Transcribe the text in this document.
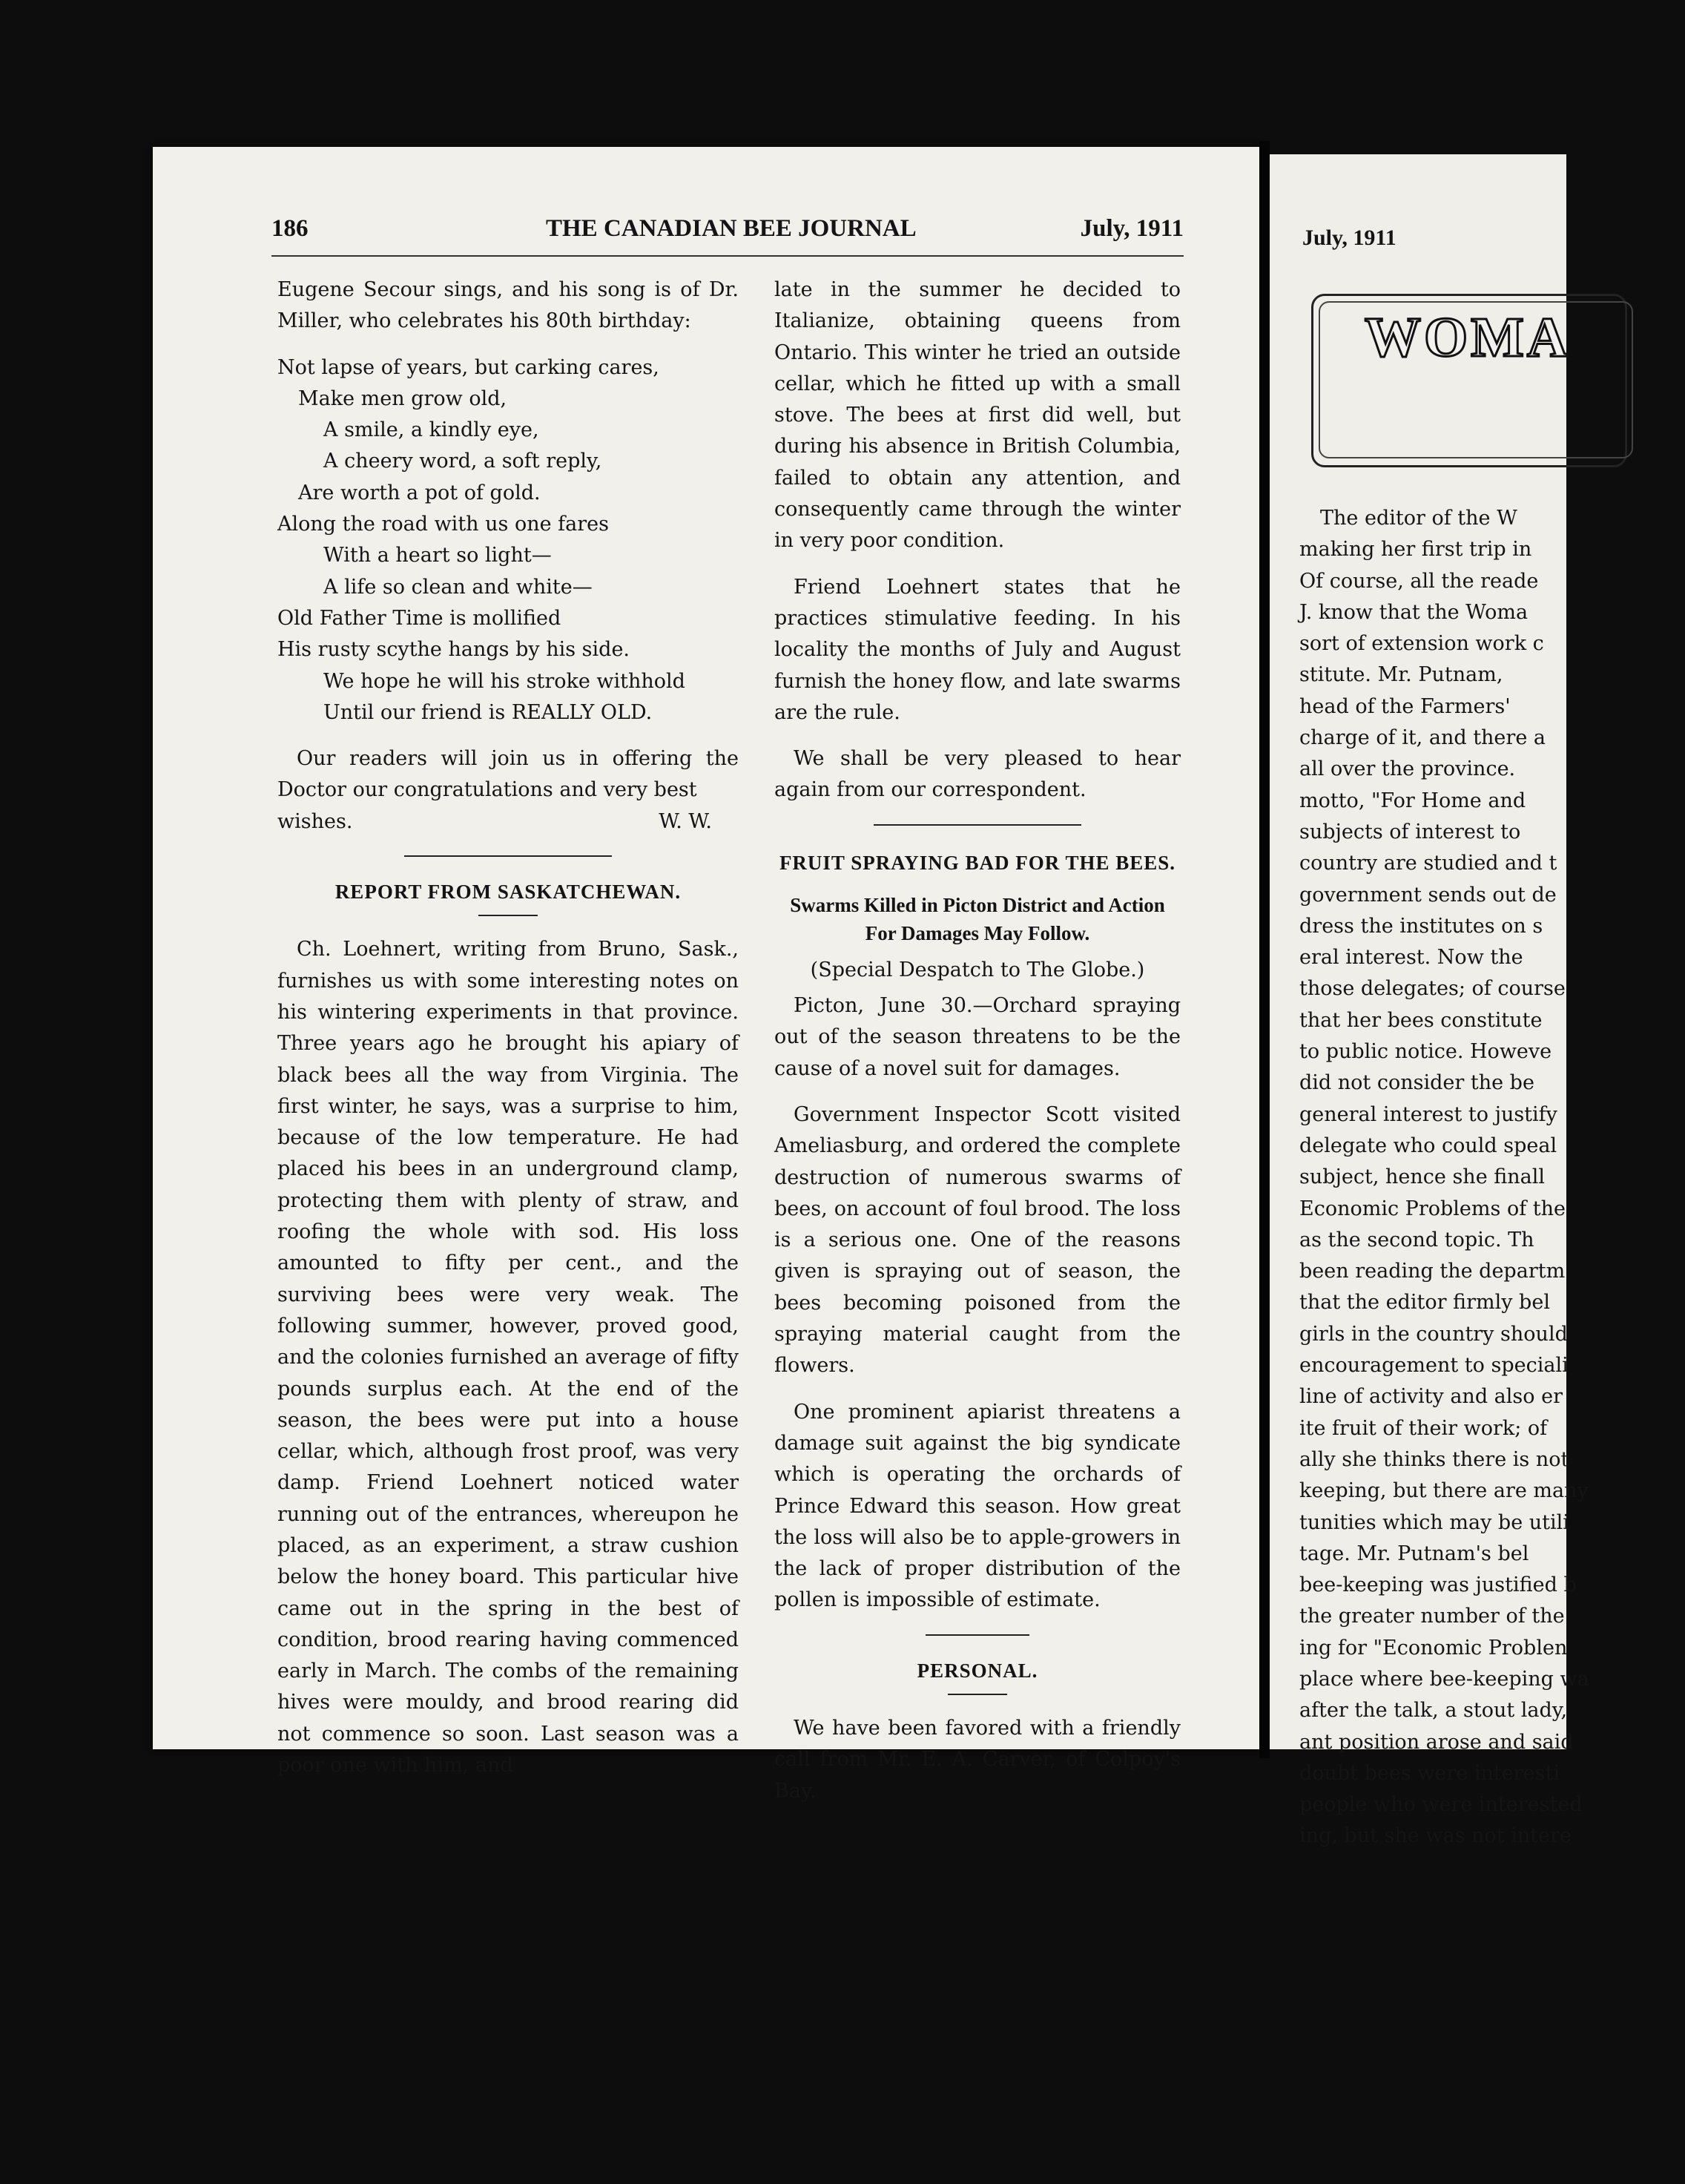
186	THE CANADIAN BEE JOURNAL	July, 1911

Eugene Secour sings, and his song is of Dr. Miller, who celebrates his 80th birthday:

Not lapse of years, but carking cares,
Make men grow old,
A smile, a kindly eye,
A cheery word, a soft reply,
Are worth a pot of gold.
Along the road with us one fares
With a heart so light—
A life so clean and white—
Old Father Time is mollified
His rusty scythe hangs by his side.
We hope he will his stroke withhold
Until our friend is REALLY OLD.

Our readers will join us in offering the Doctor our congratulations and very best

wishes.	W. W.
REPORT FROM SASKATCHEWAN.

Ch. Loehnert, writing from Bruno, Sask., furnishes us with some interesting notes on his wintering experiments in that province. Three years ago he brought his apiary of black bees all the way from Virginia. The first winter, he says, was a surprise to him, because of the low temperature. He had placed his bees in an underground clamp, protecting them with plenty of straw, and roofing the whole with sod. His loss amounted to fifty per cent., and the surviving bees were very weak. The following summer, however, proved good, and the colonies furnished an average of fifty pounds surplus each. At the end of the season, the bees were put into a house cellar, which, although frost proof, was very damp. Friend Loehnert noticed water running out of the entrances, whereupon he placed, as an experiment, a straw cushion below the honey board. This particular hive came out in the spring in the best of condition, brood rearing having commenced early in March. The combs of the remaining hives were mouldy, and brood rearing did not commence so soon. Last season was a poor one with him, and

late in the summer he decided to Italianize, obtaining queens from Ontario. This winter he tried an outside cellar, which he fitted up with a small stove. The bees at first did well, but during his absence in British Columbia, failed to obtain any attention, and consequently came through the winter in very poor condition.

Friend Loehnert states that he practices stimulative feeding. In his locality the months of July and August furnish the honey flow, and late swarms are the rule.

We shall be very pleased to hear again from our correspondent.

FRUIT SPRAYING BAD FOR THE BEES.
Swarms Killed in Picton District and Action For Damages May Follow.
(Special Despatch to The Globe.)

Picton, June 30.—Orchard spraying out of the season threatens to be the cause of a novel suit for damages.

Government Inspector Scott visited Ameliasburg, and ordered the complete destruction of numerous swarms of bees, on account of foul brood. The loss is a serious one. One of the reasons given is spraying out of season, the bees becoming poisoned from the spraying material caught from the flowers.

One prominent apiarist threatens a damage suit against the big syndicate which is operating the orchards of Prince Edward this season. How great the loss will also be to apple-growers in the lack of proper distribution of the pollen is impossible of estimate.

PERSONAL.

We have been favored with a friendly call from Mr. E. A. Carver, of Colpoy's Bay.

July, 1911
WOMA
The editor of the W
making her first trip in
Of course, all the reade
J. know that the Woma
sort of extension work c
stitute. Mr. Putnam,
head of the Farmers'
charge of it, and there a
all over the province.
motto, "For Home and
subjects of interest to
country are studied and t
government sends out de
dress the institutes on s
eral interest. Now the
those delegates; of course
that her bees constitute
to public notice. Howeve
did not consider the be
general interest to justify
delegate who could speal
subject, hence she finall
Economic Problems of the
as the second topic. Th
been reading the departm
that the editor firmly bel
girls in the country should
encouragement to speciali
line of activity and also er
ite fruit of their work; of
ally she thinks there is not
keeping, but there are many
tunities which may be utili
tage. Mr. Putnam's bel
bee-keeping was justified b
the greater number of the
ing for "Economic Problen
place where bee-keeping wa
after the talk, a stout lady,
ant position arose and said
doubt bees were interesti
people who were interested
ing, but she was not intere
